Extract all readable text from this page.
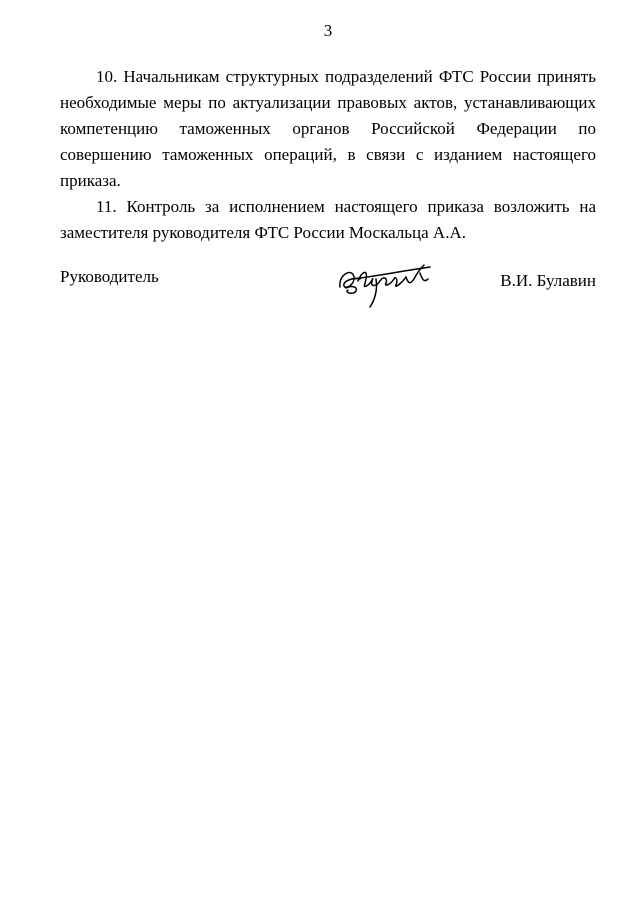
3

10. Начальникам структурных подразделений ФТС России принять необходимые меры по актуализации правовых актов, устанавливающих компетенцию таможенных органов Российской Федерации по совершению таможенных операций, в связи с изданием настоящего приказа.

11. Контроль за исполнением настоящего приказа возложить на заместителя руководителя ФТС России Москальца А.А.

Руководитель	В.И. Булавин
